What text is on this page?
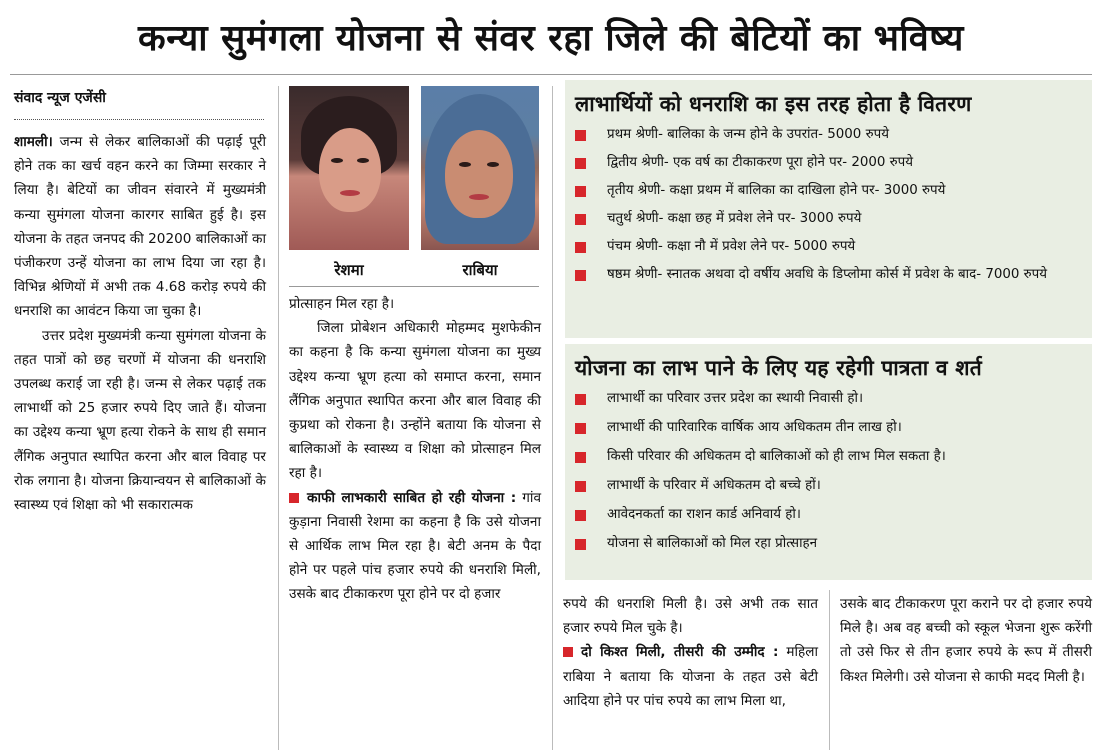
कन्या सुमंगला योजना से संवर रहा जिले की बेटियों का भविष्य
संवाद न्यूज एजेंसी

शामली। जन्म से लेकर बालिकाओं की पढ़ाई पूरी होने तक का खर्च वहन करने का जिम्मा सरकार ने लिया है। बेटियों का जीवन संवारने में मुख्यमंत्री कन्या सुमंगला योजना कारगर साबित हुई है। इस योजना के तहत जनपद की 20200 बालिकाओं का पंजीकरण उन्हें योजना का लाभ दिया जा रहा है। विभिन्न श्रेणियों में अभी तक 4.68 करोड़ रुपये की धनराशि का आवंटन किया जा चुका है।

उत्तर प्रदेश मुख्यमंत्री कन्या सुमंगला योजना के तहत पात्रों को छह चरणों में योजना की धनराशि उपलब्ध कराई जा रही है। जन्म से लेकर पढ़ाई तक लाभार्थी को 25 हजार रुपये दिए जाते हैं। योजना का उद्देश्य कन्या भ्रूण हत्या रोकने के साथ ही समान लैंगिक अनुपात स्थापित करना और बाल विवाह पर रोक लगाना है। योजना क्रियान्वयन से बालिकाओं के स्वास्थ्य एवं शिक्षा को भी सकारात्मक

रेशमा	राबिया

प्रोत्साहन मिल रहा है।

जिला प्रोबेशन अधिकारी मोहम्मद मुशफेकीन का कहना है कि कन्या सुमंगला योजना का मुख्य उद्देश्य कन्या भ्रूण हत्या को समाप्त करना, समान लैंगिक अनुपात स्थापित करना और बाल विवाह की कुप्रथा को रोकना है। उन्होंने बताया कि योजना से बालिकाओं के स्वास्थ्य व शिक्षा को प्रोत्साहन मिल रहा है।

काफी लाभकारी साबित हो रही योजना : गांव कुड़ाना निवासी रेशमा का कहना है कि उसे योजना से आर्थिक लाभ मिल रहा है। बेटी अनम के पैदा होने पर पहले पांच हजार रुपये की धनराशि मिली, उसके बाद टीकाकरण पूरा होने पर दो हजार

लाभार्थियों को धनराशि का इस तरह होता है वितरण
प्रथम श्रेणी- बालिका के जन्म होने के उपरांत- 5000 रुपये
द्वितीय श्रेणी- एक वर्ष का टीकाकरण पूरा होने पर- 2000 रुपये
तृतीय श्रेणी- कक्षा प्रथम में बालिका का दाखिला होने पर- 3000 रुपये
चतुर्थ श्रेणी- कक्षा छह में प्रवेश लेने पर- 3000 रुपये
पंचम श्रेणी- कक्षा नौ में प्रवेश लेने पर- 5000 रुपये
षष्ठम श्रेणी- स्नातक अथवा दो वर्षीय अवधि के डिप्लोमा कोर्स में प्रवेश के बाद- 7000 रुपये
योजना का लाभ पाने के लिए यह रहेगी पात्रता व शर्त
लाभार्थी का परिवार उत्तर प्रदेश का स्थायी निवासी हो।
लाभार्थी की पारिवारिक वार्षिक आय अधिकतम तीन लाख हो।
किसी परिवार की अधिकतम दो बालिकाओं को ही लाभ मिल सकता है।
लाभार्थी के परिवार में अधिकतम दो बच्चे हों।
आवेदनकर्ता का राशन कार्ड अनिवार्य हो।
योजना से बालिकाओं को मिल रहा प्रोत्साहन

रुपये की धनराशि मिली है। उसे अभी तक सात हजार रुपये मिल चुके है।

दो किश्त मिली, तीसरी की उम्मीद : महिला राबिया ने बताया कि योजना के तहत उसे बेटी आदिया होने पर पांच रुपये का लाभ मिला था,

उसके बाद टीकाकरण पूरा कराने पर दो हजार रुपये मिले है। अब वह बच्ची को स्कूल भेजना शुरू करेंगी तो उसे फिर से तीन हजार रुपये के रूप में तीसरी किश्त मिलेगी। उसे योजना से काफी मदद मिली है।
